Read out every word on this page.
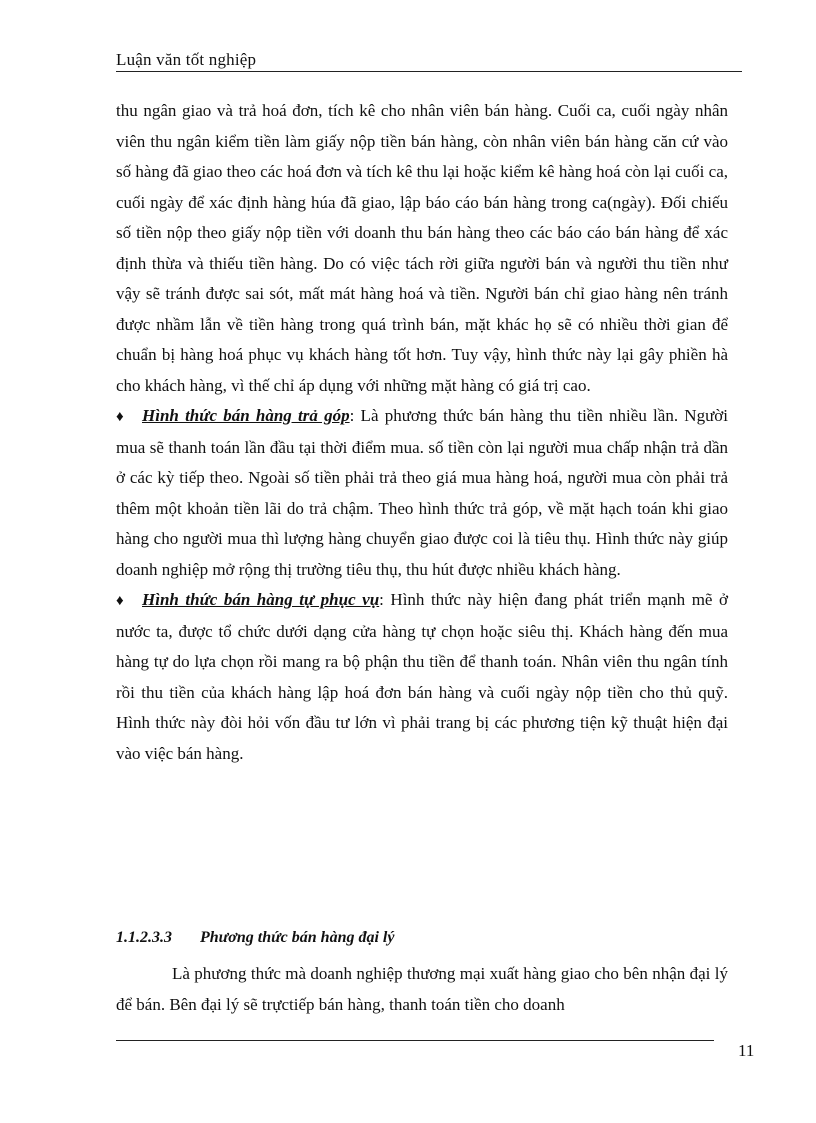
Luận văn tốt nghiệp

thu ngân giao và trả hoá đơn, tích kê cho nhân viên bán hàng. Cuối ca, cuối ngày nhân viên thu ngân kiểm tiền làm giấy nộp tiền bán hàng, còn nhân viên bán hàng căn cứ vào số hàng đã giao theo các hoá đơn và tích kê thu lại hoặc kiểm kê hàng hoá còn lại cuối ca, cuối ngày để xác định hàng húa đã giao, lập báo cáo bán hàng trong ca(ngày). Đối chiếu số tiền nộp theo giấy nộp tiền với doanh thu bán hàng theo các báo cáo bán hàng để xác định thừa và thiếu tiền hàng. Do có việc tách rời giữa người bán và người thu tiền như vậy sẽ tránh được sai sót, mất mát hàng hoá và tiền. Người bán chỉ giao hàng nên tránh được nhầm lẫn về tiền hàng trong quá trình bán, mặt khác họ sẽ có nhiều thời gian để chuẩn bị hàng hoá phục vụ khách hàng tốt hơn. Tuy vậy, hình thức này lại gây phiền hà cho khách hàng, vì thế chỉ áp dụng với những mặt hàng có giá trị cao.

♦ Hình thức bán hàng trả góp: Là phương thức bán hàng thu tiền nhiều lần. Người mua sẽ thanh toán lần đầu tại thời điểm mua. số tiền còn lại người mua chấp nhận trả dần ở các kỳ tiếp theo. Ngoài số tiền phải trả theo giá mua hàng hoá, người mua còn phải trả thêm một khoản tiền lãi do trả chậm. Theo hình thức trả góp, về mặt hạch toán khi giao hàng cho người mua thì lượng hàng chuyển giao được coi là tiêu thụ. Hình thức này giúp doanh nghiệp mở rộng thị trường tiêu thụ, thu hút được nhiều khách hàng.

♦ Hình thức bán hàng tự phục vụ: Hình thức này hiện đang phát triển mạnh mẽ ở nước ta, được tổ chức dưới dạng cửa hàng tự chọn hoặc siêu thị. Khách hàng đến mua hàng tự do lựa chọn rồi mang ra bộ phận thu tiền để thanh toán. Nhân viên thu ngân tính rồi thu tiền của khách hàng lập hoá đơn bán hàng và cuối ngày nộp tiền cho thủ quỹ. Hình thức này đòi hỏi vốn đầu tư lớn vì phải trang bị các phương tiện kỹ thuật hiện đại vào việc bán hàng.

1.1.2.3.3 Phương thức bán hàng đại lý

Là phương thức mà doanh nghiệp thương mại xuất hàng giao cho bên nhận đại lý để bán. Bên đại lý sẽ trựctiếp bán hàng, thanh toán tiền cho doanh

11
